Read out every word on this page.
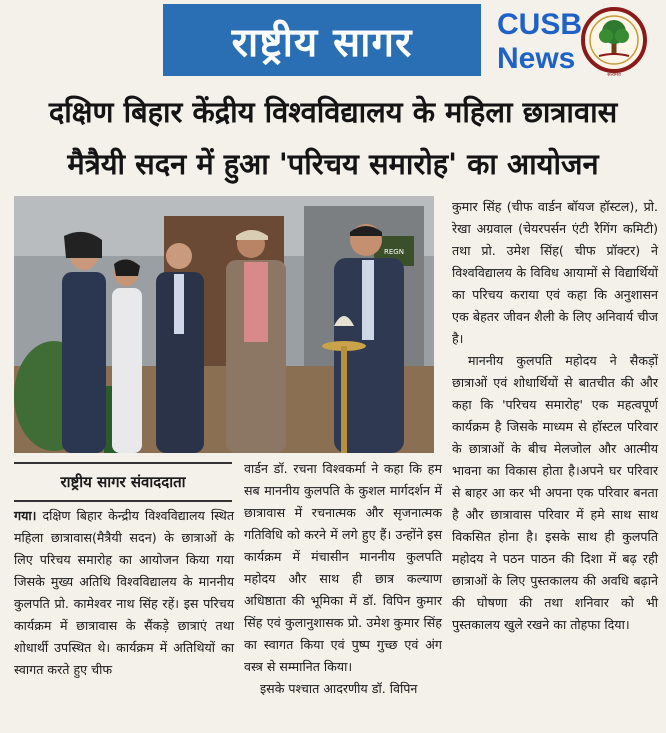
राष्ट्रीय सागर	CUSB
News	सत्यमेव
दक्षिण बिहार केंद्रीय विश्वविद्यालय के महिला छात्रावास
मैत्रैयी सदन में हुआ 'परिचय समारोह' का आयोजन
REGN
राष्ट्रीय सागर संवाददाता

गया। दक्षिण बिहार केन्द्रीय विश्वविद्यालय स्थित महिला छात्रावास(मैत्रैयी सदन) के छात्राओं के लिए परिचय समारोह का आयोजन किया गया जिसके मुख्य अतिथि विश्वविद्यालय के माननीय कुलपति प्रो. कामेश्वर नाथ सिंह रहें। इस परिचय कार्यक्रम में छात्रावास के सैंकड़े छात्राएं तथा शोधार्थी उपस्थित थे। कार्यक्रम में अतिथियों का स्वागत करते हुए चीफ

वार्डन डॉ. रचना विश्वकर्मा ने कहा कि हम सब माननीय कुलपति के कुशल मार्गदर्शन में छात्रावास में रचनात्मक और सृजनात्मक गतिविधि को करने में लगे हुए हैं। उन्होंने इस कार्यक्रम में मंचासीन माननीय कुलपति महोदय और साथ ही छात्र कल्याण अधिष्ठाता की भूमिका में डॉ. विपिन कुमार सिंह एवं कुलानुशासक प्रो. उमेश कुमार सिंह का स्वागत किया एवं पुष्प गुच्छ एवं अंग वस्त्र से सम्मानित किया।

इसके पश्चात आदरणीय डॉ. विपिन

कुमार सिंह (चीफ वार्डन बॉयज हॉस्टल), प्रो. रेखा अग्रवाल (चेयरपर्सन एंटी रैगिंग कमिटी) तथा प्रो. उमेश सिंह( चीफ प्रॉक्टर) ने विश्वविद्यालय के विविध आयामों से विद्यार्थियों का परिचय कराया एवं कहा कि अनुशासन एक बेहतर जीवन शैली के लिए अनिवार्य चीज है।

माननीय कुलपति महोदय ने सैकड़ों छात्राओं एवं शोधार्थियों से बातचीत की और कहा कि 'परिचय समारोह' एक महत्वपूर्ण कार्यक्रम है जिसके माध्यम से हॉस्टल परिवार के छात्राओं के बीच मेलजोल और आत्मीय भावना का विकास होता है।अपने घर परिवार से बाहर आ कर भी अपना एक परिवार बनता है और छात्रावास परिवार में हमे साथ साथ विकसित होना है। इसके साथ ही कुलपति महोदय ने पठन पाठन की दिशा में बढ़ रही छात्राओं के लिए पुस्तकालय की अवधि बढ़ाने की घोषणा की तथा शनिवार को भी पुस्तकालय खुले रखने का तोहफा दिया।
